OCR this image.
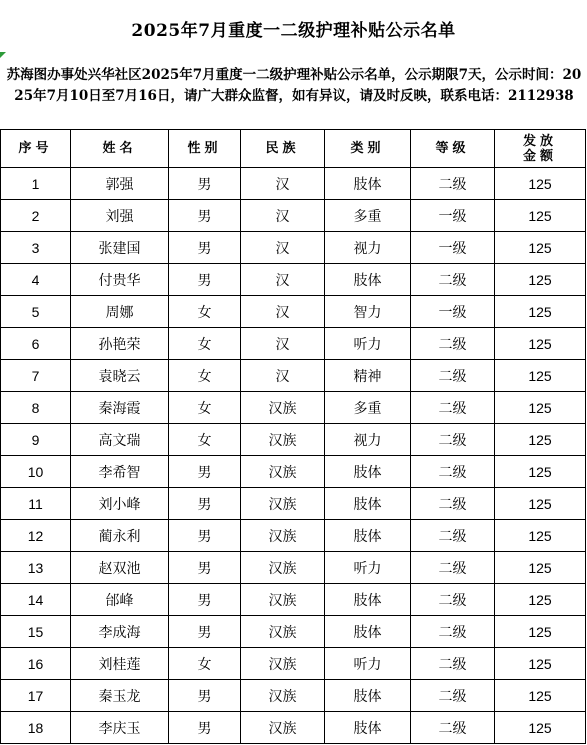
2025年7月重度一二级护理补贴公示名单
苏海图办事处兴华社区2025年7月重度一二级护理补贴公示名单，公示期限7天，公示时间：2025年7月10日至7月16日，请广大群众监督，如有异议，请及时反映，联系电话：2112938
序号	姓名	性别	民族	类别	等级	发放
金额

1	郭强	男	汉	肢体	二级	125
2	刘强	男	汉	多重	一级	125
3	张建国	男	汉	视力	一级	125
4	付贵华	男	汉	肢体	二级	125
5	周娜	女	汉	智力	一级	125
6	孙艳荣	女	汉	听力	二级	125
7	袁晓云	女	汉	精神	二级	125
8	秦海霞	女	汉族	多重	二级	125
9	高文瑞	女	汉族	视力	二级	125
10	李希智	男	汉族	肢体	二级	125
11	刘小峰	男	汉族	肢体	二级	125
12	蔺永利	男	汉族	肢体	二级	125
13	赵双池	男	汉族	听力	二级	125
14	邰峰	男	汉族	肢体	二级	125
15	李成海	男	汉族	肢体	二级	125
16	刘桂莲	女	汉族	听力	二级	125
17	秦玉龙	男	汉族	肢体	二级	125
18	李庆玉	男	汉族	肢体	二级	125
